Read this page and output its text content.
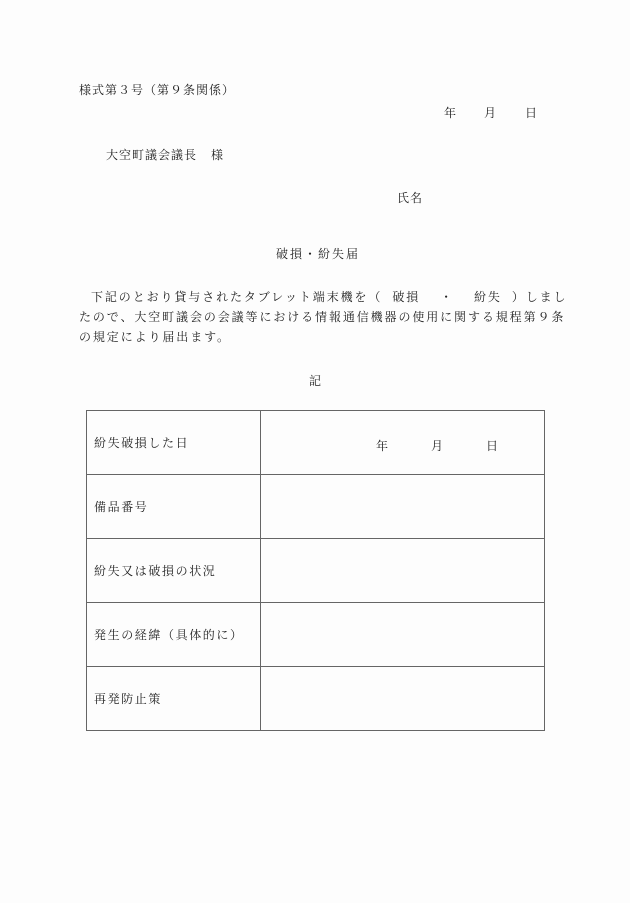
様式第３号（第９条関係）
年 月 日
大空町議会議長 様
氏名
破損・紛失届
下記のとおり貸与されたタブレット端末機を（ 破損 ・ 紛失 ）しまし
たので、大空町議会の会議等における情報通信機器の使用に関する規程第９条
の規定により届出ます。
記
紛失破損した日	年 月 日

備品番号	
紛失又は破損の状況	
発生の経緯（具体的に）	
再発防止策	
